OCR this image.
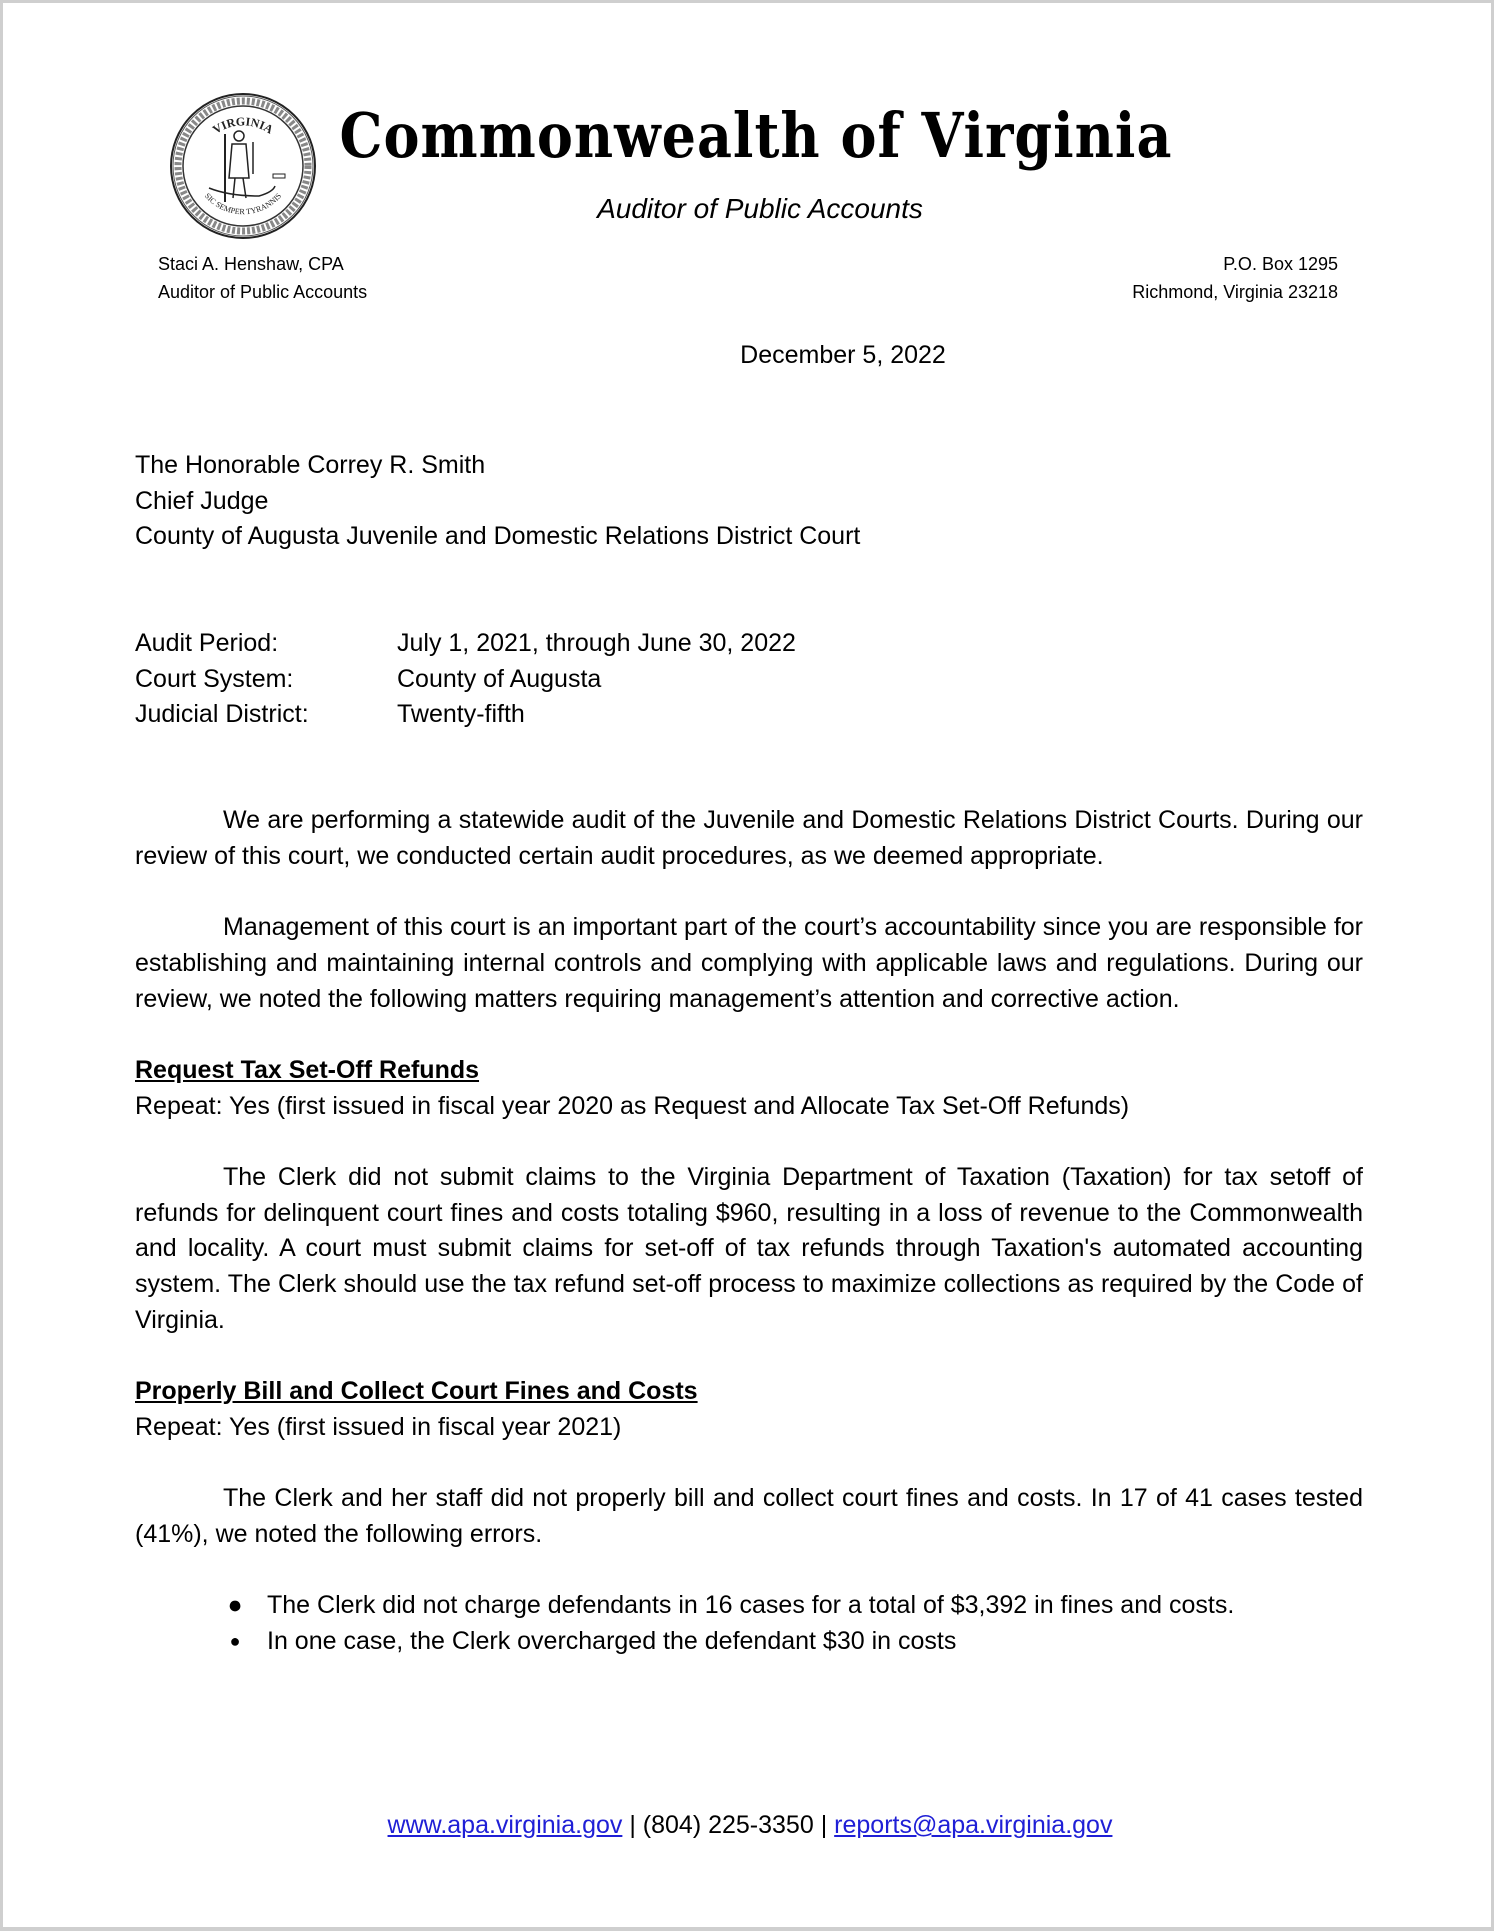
VIRGINIA
SIC SEMPER TYRANNIS
Commonwealth of Virginia
Auditor of Public Accounts
Staci A. Henshaw, CPA
Auditor of Public Accounts
P.O. Box 1295
Richmond, Virginia 23218
December 5, 2022
The Honorable Correy R. Smith
Chief Judge
County of Augusta Juvenile and Domestic Relations District Court
Audit Period:	July 1, 2021, through June 30, 2022
Court System:	County of Augusta
Judicial District:	Twenty-fifth

We are performing a statewide audit of the Juvenile and Domestic Relations District Courts. During our review of this court, we conducted certain audit procedures, as we deemed appropriate.

Management of this court is an important part of the court’s accountability since you are responsible for establishing and maintaining internal controls and complying with applicable laws and regulations. During our review, we noted the following matters requiring management’s attention and corrective action.

Request Tax Set-Off Refunds

Repeat: Yes (first issued in fiscal year 2020 as Request and Allocate Tax Set-Off Refunds)

The Clerk did not submit claims to the Virginia Department of Taxation (Taxation) for tax setoff of refunds for delinquent court fines and costs totaling $960, resulting in a loss of revenue to the Commonwealth and locality. A court must submit claims for set-off of tax refunds through Taxation's automated accounting system. The Clerk should use the tax refund set-off process to maximize collections as required by the Code of Virginia.

Properly Bill and Collect Court Fines and Costs

Repeat: Yes (first issued in fiscal year 2021)

The Clerk and her staff did not properly bill and collect court fines and costs. In 17 of 41 cases tested (41%), we noted the following errors.

● The Clerk did not charge defendants in 16 cases for a total of $3,392 in fines and costs.
● In one case, the Clerk overcharged the defendant $30 in costs
www.apa.virginia.gov | (804) 225-3350 | reports@apa.virginia.gov
